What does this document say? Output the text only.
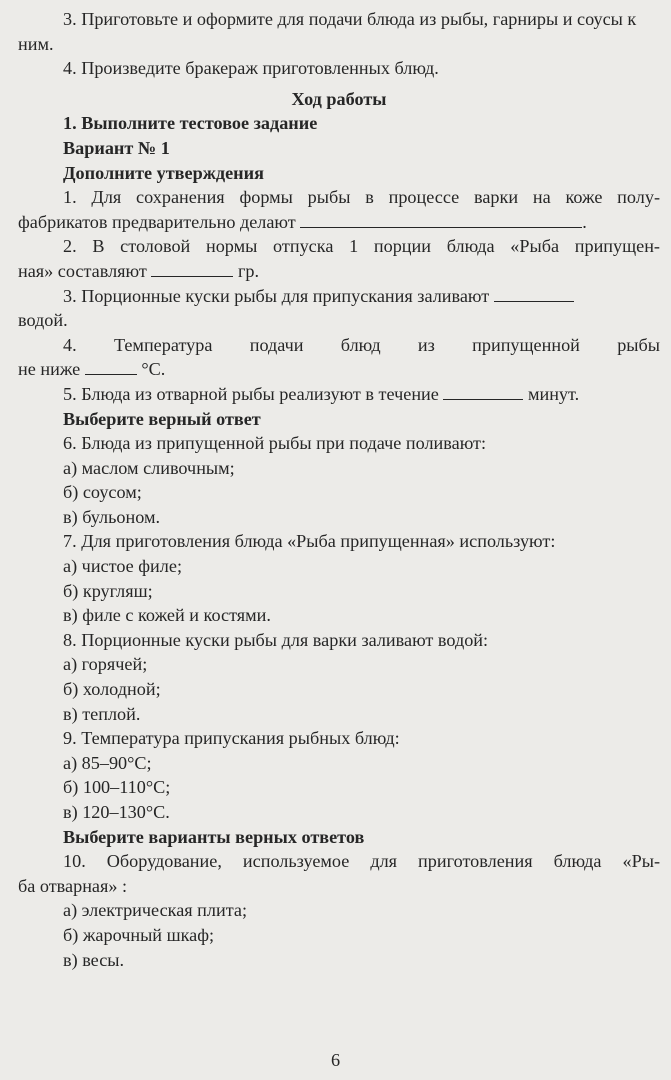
3. Приготовьте и оформите для подачи блюда из рыбы, гарниры и соусы к ним.

4. Произведите бракераж приготовленных блюд.

Ход работы

1. Выполните тестовое задание

Вариант № 1

Дополните утверждения

1. Для сохранения формы рыбы в процессе варки на коже полу-

фабрикатов предварительно делают	.

2. В столовой нормы отпуска 1 порции блюда «Рыба припущен-

ная» составляют	гр.

3. Порционные куски рыбы для припускания заливают

водой.

4. Температура подачи блюд из припущенной рыбы

не ниже	°С.

5. Блюда из отварной рыбы реализуют в течение	минут.

Выберите верный ответ

6. Блюда из припущенной рыбы при подаче поливают:

а) маслом сливочным;

б) соусом;

в) бульоном.

7. Для приготовления блюда «Рыба припущенная» используют:

а) чистое филе;

б) кругляш;

в) филе с кожей и костями.

8. Порционные куски рыбы для варки заливают водой:

а) горячей;

б) холодной;

в) теплой.

9. Температура припускания рыбных блюд:

а) 85–90°С;

б) 100–110°С;

в) 120–130°С.

Выберите варианты верных ответов

10. Оборудование, используемое для приготовления блюда «Ры-

ба отварная» :

а) электрическая плита;

б) жарочный шкаф;

в) весы.

6
